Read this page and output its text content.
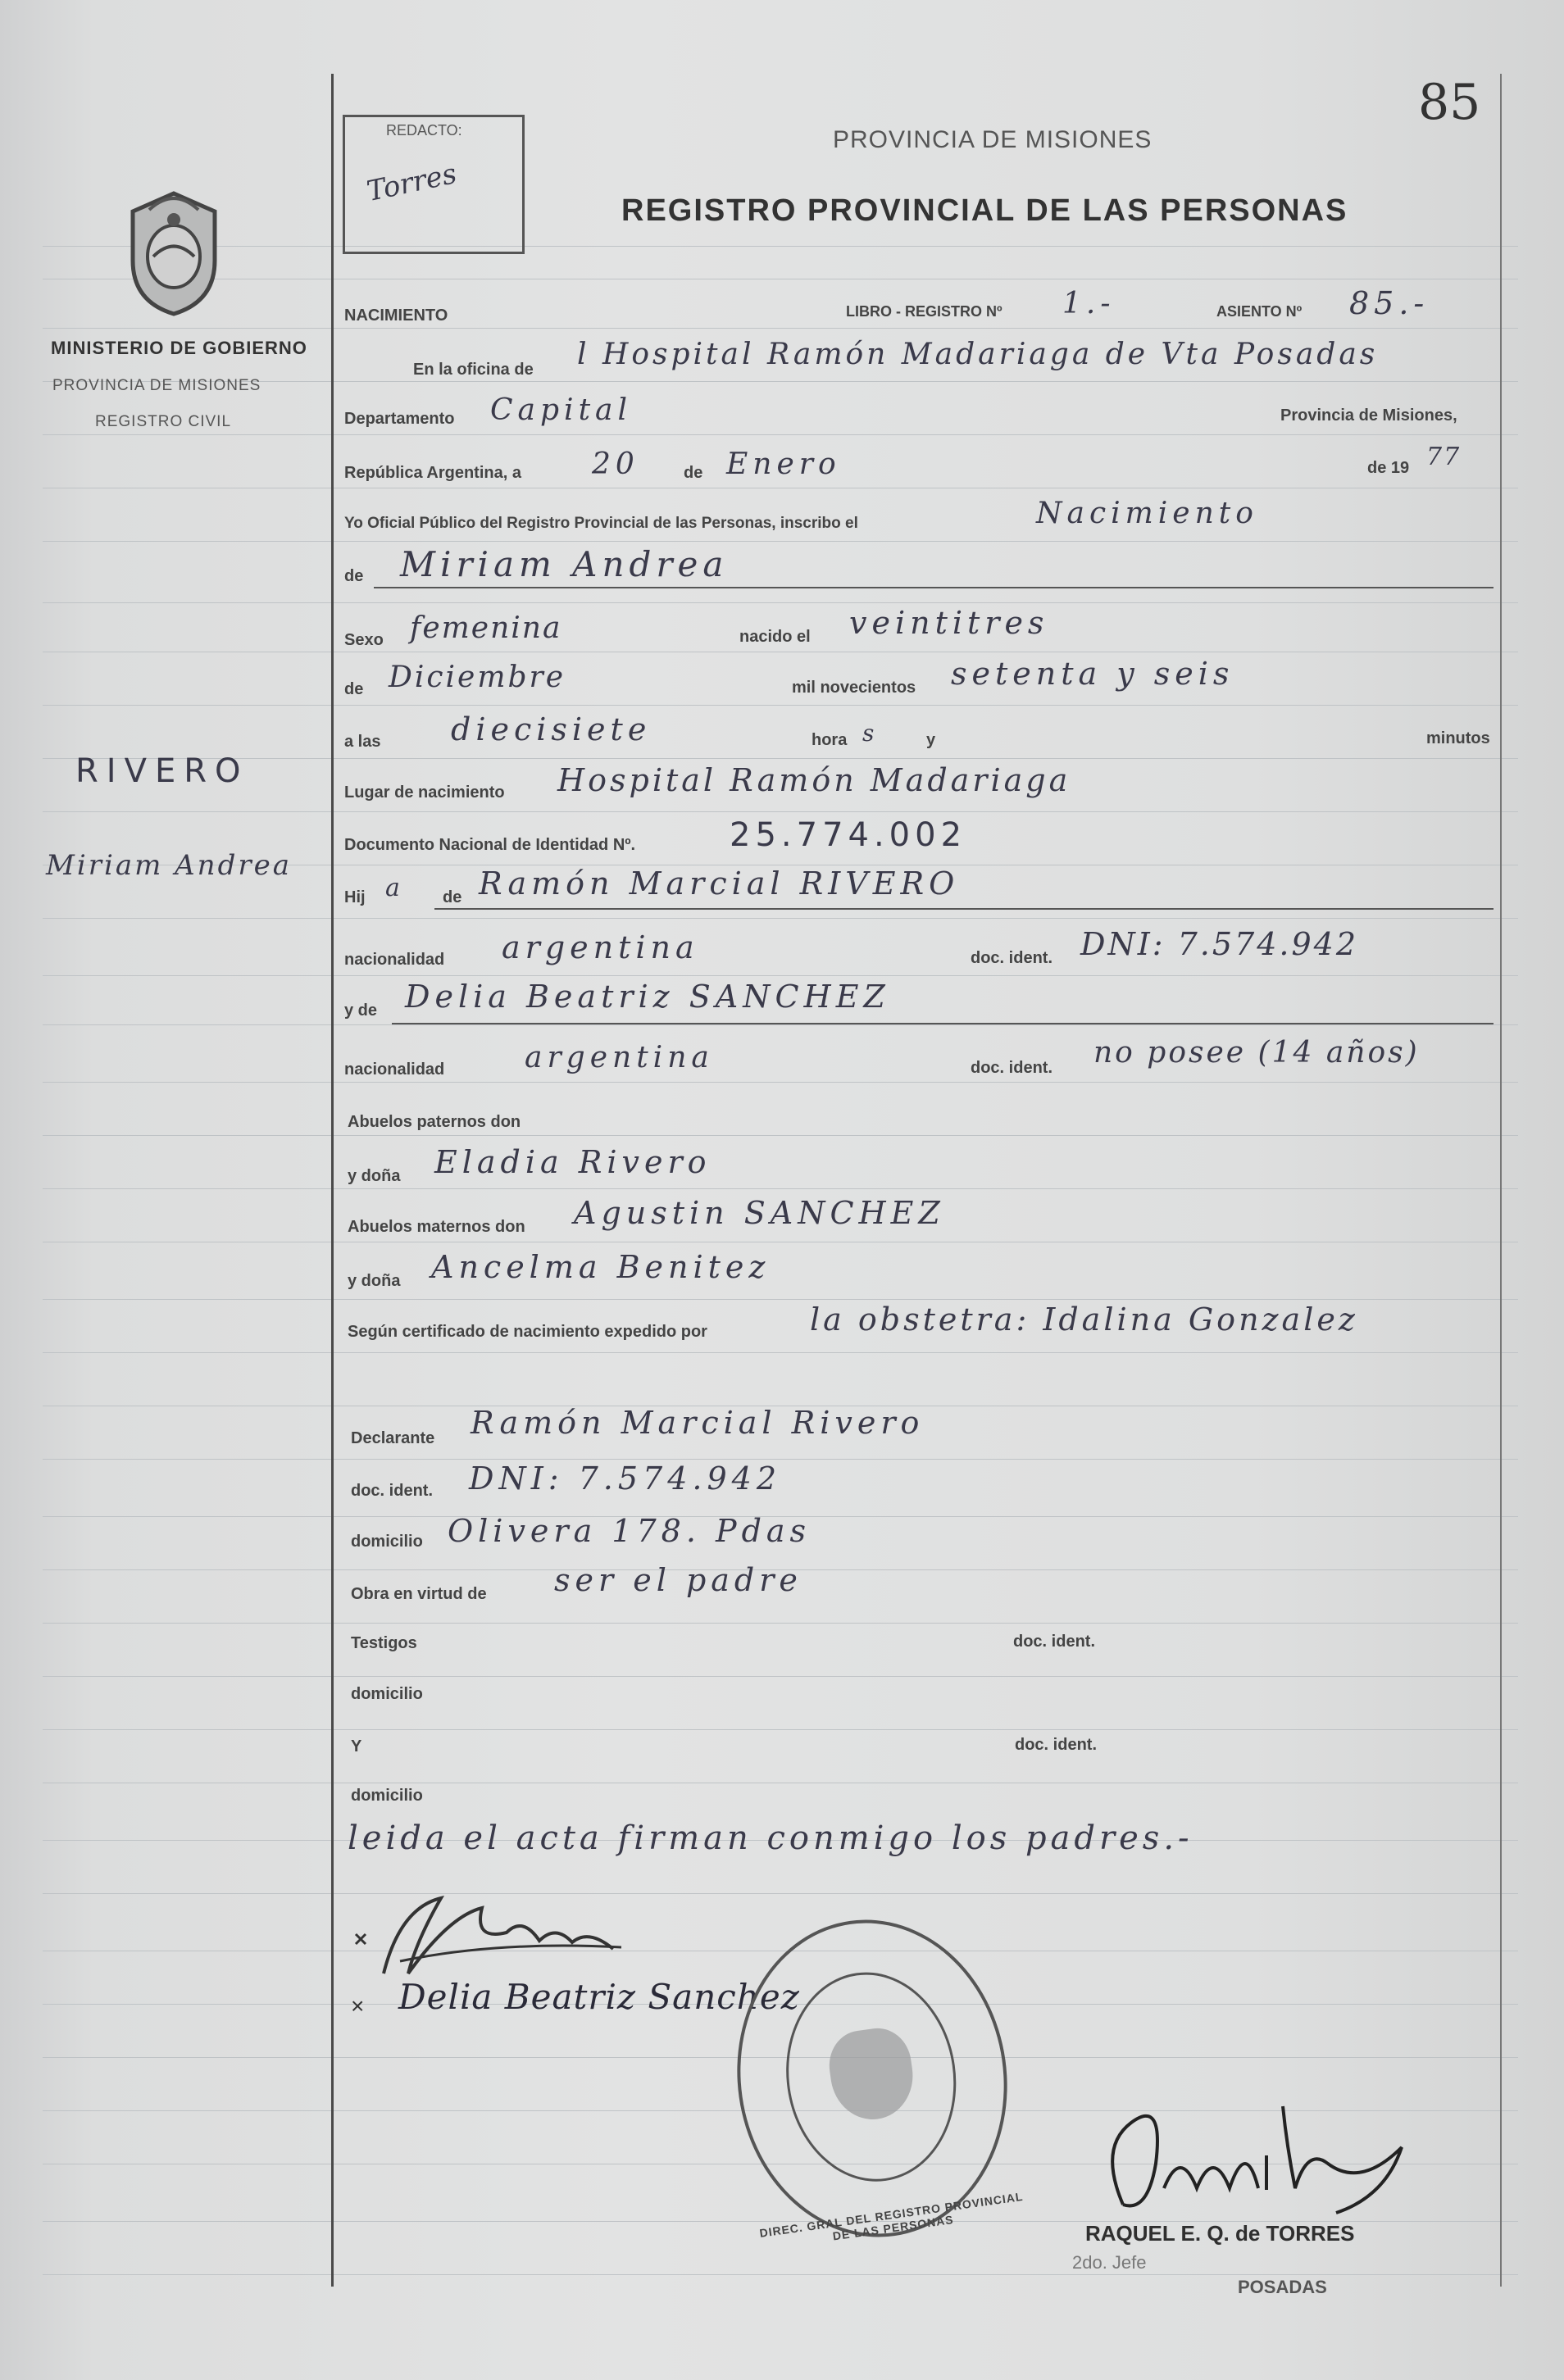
85
REDACTO:
Torres
MINISTERIO DE GOBIERNO
PROVINCIA DE MISIONES
REGISTRO CIVIL
RIVERO
Miriam Andrea
PROVINCIA DE MISIONES
REGISTRO PROVINCIAL DE LAS PERSONAS
NACIMIENTO	LIBRO - REGISTRO Nº 1.-	ASIENTO Nº 85.-
En la oficina de l Hospital Ramón Madariaga de Vta Posadas
Departamento Capital	Provincia de Misiones,
República Argentina, a 20	de Enero	de 19 77
Yo Oficial Público del Registro Provincial de las Personas, inscribo el	Nacimiento
de Miriam Andrea
Sexo femenina	nacido el veintitres
de Diciembre	mil novecientos setenta y seis
a las diecisiete	hora s	y	minutos
Lugar de nacimiento Hospital Ramón Madariaga
Documento Nacional de Identidad Nº.	25.774.002
Hij a de Ramón Marcial RIVERO
nacionalidad argentina	doc. ident. DNI: 7.574.942
y de Delia Beatriz SANCHEZ
nacionalidad	argentina	doc. ident. no posee (14 años)
Abuelos paternos don
y doña Eladia Rivero
Abuelos maternos don Agustin SANCHEZ
y doña Ancelma Benitez
Según certificado de nacimiento expedido por	la obstetra: Idalina Gonzalez
Declarante Ramón Marcial Rivero
doc. ident. DNI: 7.574.942
domicilio Olivera 178. Pdas
Obra en virtud de ser el padre
Testigos	doc. ident.
domicilio
Y	doc. ident.
domicilio
leida el acta firman conmigo los padres.-
× Delia Beatriz Sanchez
DIREC. GRAL DEL REGISTRO PROVINCIAL DE LAS PERSONAS	RAQUEL E. Q. de TORRES
2do. Jefe
POSADAS
